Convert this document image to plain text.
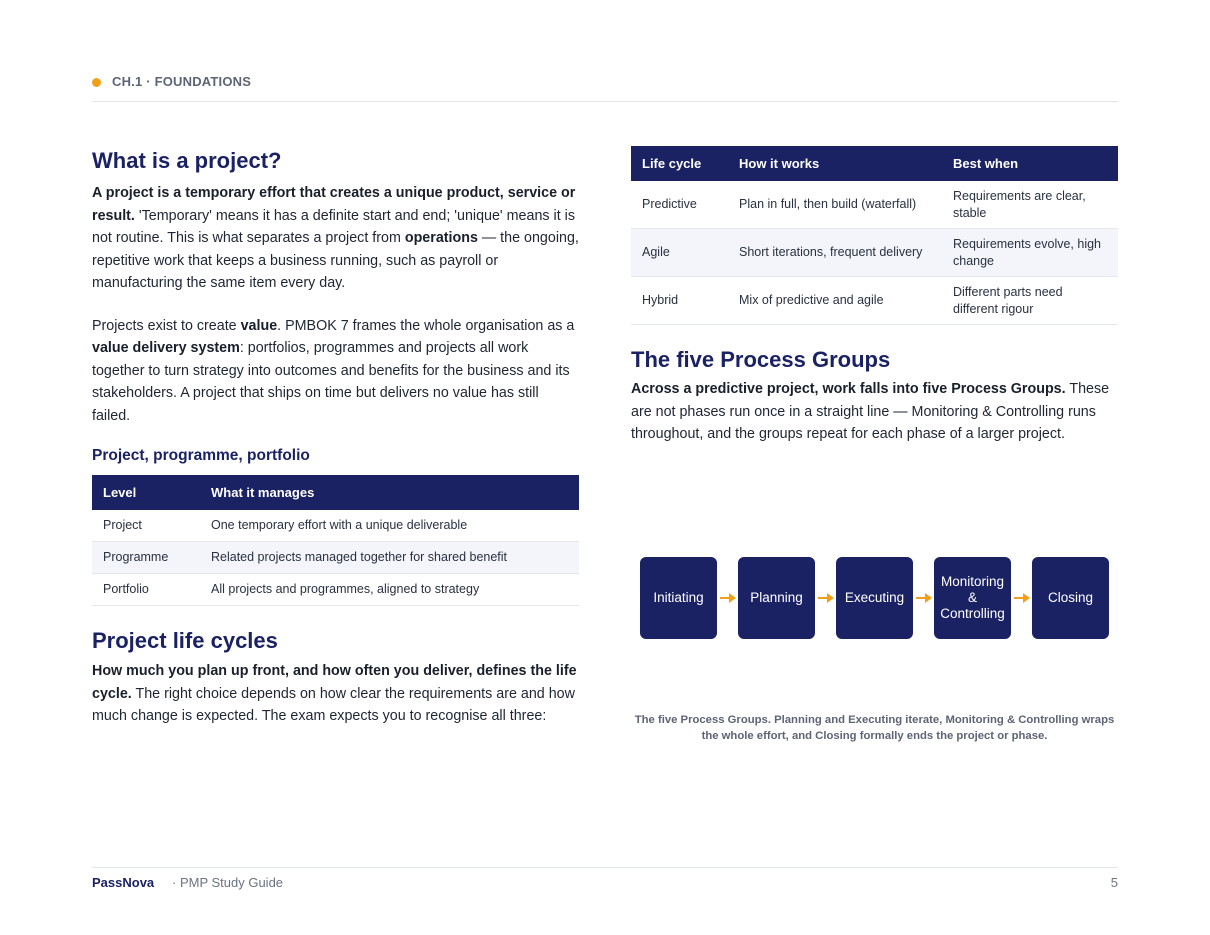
CH.1 · FOUNDATIONS
What is a project?

A project is a temporary effort that creates a unique product, service or result. 'Temporary' means it has a definite start and end; 'unique' means it is not routine. This is what separates a project from operations — the ongoing, repetitive work that keeps a business running, such as payroll or manufacturing the same item every day.

Projects exist to create value. PMBOK 7 frames the whole organisation as a value delivery system: portfolios, programmes and projects all work together to turn strategy into outcomes and benefits for the business and its stakeholders. A project that ships on time but delivers no value has still failed.

Project, programme, portfolio
Level	What it manages
Project	One temporary effort with a unique deliverable
Programme	Related projects managed together for shared benefit
Portfolio	All projects and programmes, aligned to strategy
Project life cycles

How much you plan up front, and how often you deliver, defines the life cycle. The right choice depends on how clear the requirements are and how much change is expected. The exam expects you to recognise all three:

Life cycle	How it works	Best when
Predictive	Plan in full, then build (waterfall)	Requirements are clear, stable
Agile	Short iterations, frequent delivery	Requirements evolve, high change
Hybrid	Mix of predictive and agile	Different parts need different rigour
The five Process Groups

Across a predictive project, work falls into five Process Groups. These are not phases run once in a straight line — Monitoring & Controlling runs throughout, and the groups repeat for each phase of a larger project.

Initiating	Planning	Executing
Monitoring & Controlling
Closing
The five Process Groups. Planning and Executing iterate, Monitoring & Controlling wraps the whole effort, and Closing formally ends the project or phase.
PassNova · PMP Study Guide	5
